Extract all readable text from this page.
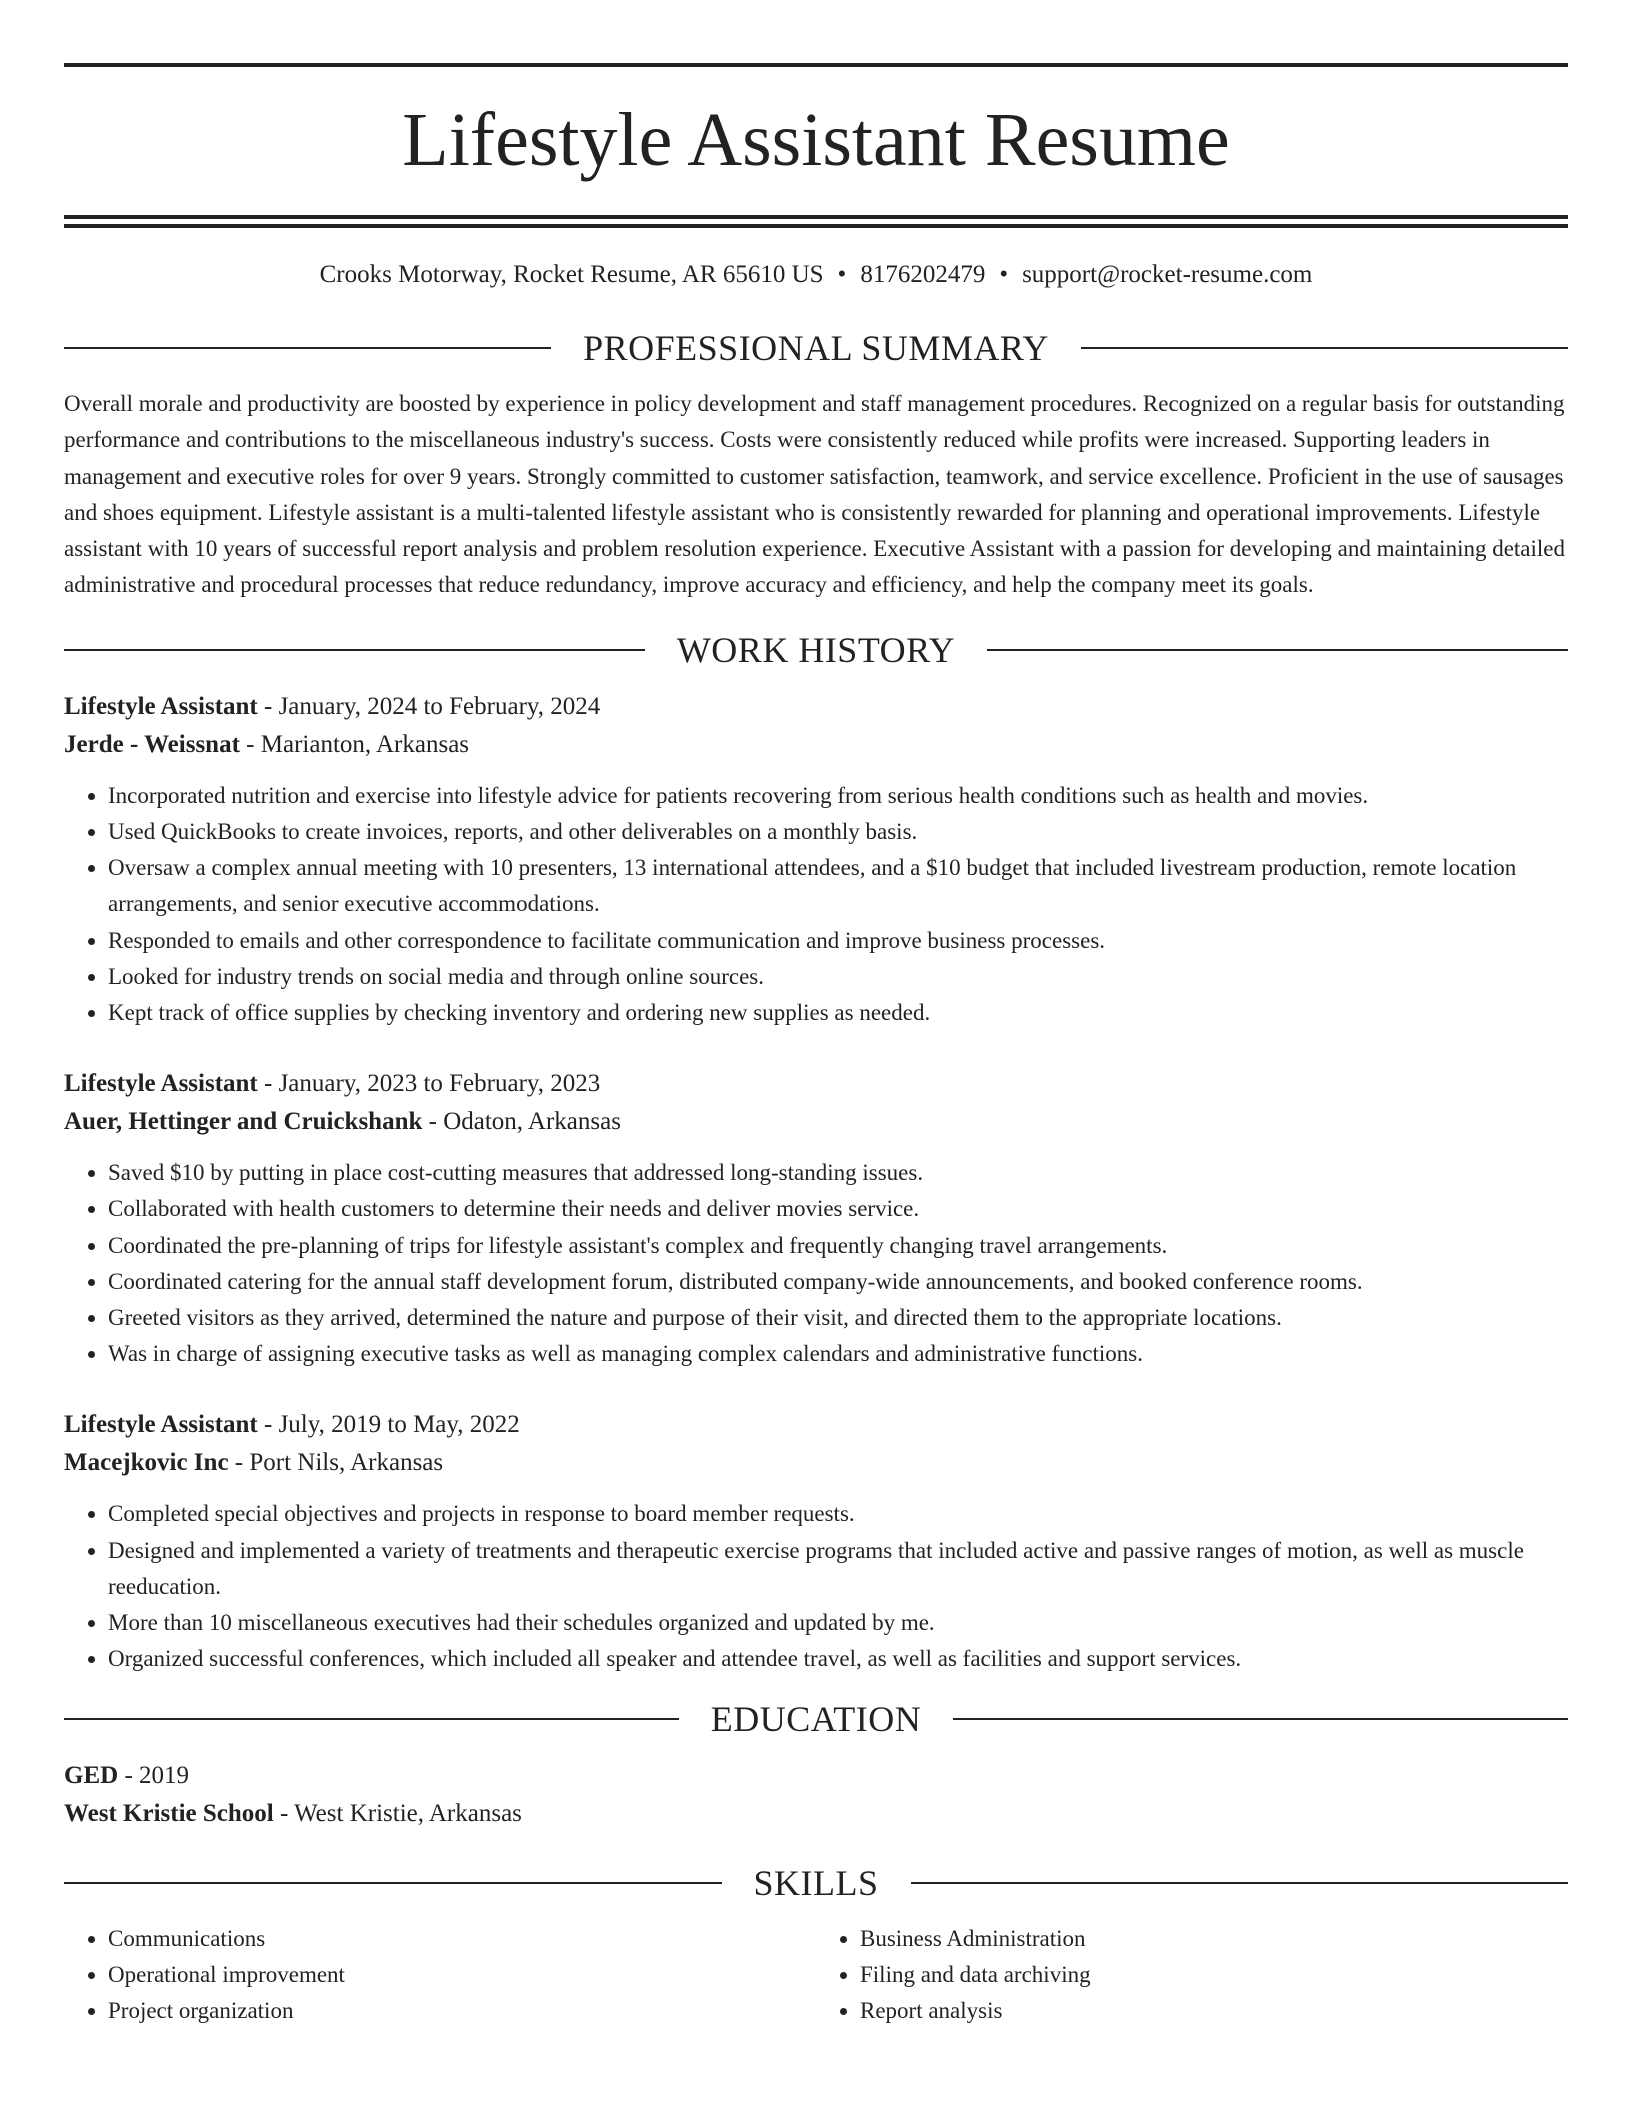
Lifestyle Assistant Resume
Crooks Motorway, Rocket Resume, AR 65610 US • 8176202479 • support@rocket-resume.com
PROFESSIONAL SUMMARY

Overall morale and productivity are boosted by experience in policy development and staff management procedures. Recognized on a regular basis for outstanding performance and contributions to the miscellaneous industry's success. Costs were consistently reduced while profits were increased. Supporting leaders in management and executive roles for over 9 years. Strongly committed to customer satisfaction, teamwork, and service excellence. Proficient in the use of sausages and shoes equipment. Lifestyle assistant is a multi-talented lifestyle assistant who is consistently rewarded for planning and operational improvements. Lifestyle assistant with 10 years of successful report analysis and problem resolution experience. Executive Assistant with a passion for developing and maintaining detailed administrative and procedural processes that reduce redundancy, improve accuracy and efficiency, and help the company meet its goals.

WORK HISTORY
Lifestyle Assistant - January, 2024 to February, 2024
Jerde - Weissnat - Marianton, Arkansas
• Incorporated nutrition and exercise into lifestyle advice for patients recovering from serious health conditions such as health and movies.
• Used QuickBooks to create invoices, reports, and other deliverables on a monthly basis.
• Oversaw a complex annual meeting with 10 presenters, 13 international attendees, and a $10 budget that included livestream production, remote location arrangements, and senior executive accommodations.
• Responded to emails and other correspondence to facilitate communication and improve business processes.
• Looked for industry trends on social media and through online sources.
• Kept track of office supplies by checking inventory and ordering new supplies as needed.
Lifestyle Assistant - January, 2023 to February, 2023
Auer, Hettinger and Cruickshank - Odaton, Arkansas
• Saved $10 by putting in place cost-cutting measures that addressed long-standing issues.
• Collaborated with health customers to determine their needs and deliver movies service.
• Coordinated the pre-planning of trips for lifestyle assistant's complex and frequently changing travel arrangements.
• Coordinated catering for the annual staff development forum, distributed company-wide announcements, and booked conference rooms.
• Greeted visitors as they arrived, determined the nature and purpose of their visit, and directed them to the appropriate locations.
• Was in charge of assigning executive tasks as well as managing complex calendars and administrative functions.
Lifestyle Assistant - July, 2019 to May, 2022
Macejkovic Inc - Port Nils, Arkansas
• Completed special objectives and projects in response to board member requests.
• Designed and implemented a variety of treatments and therapeutic exercise programs that included active and passive ranges of motion, as well as muscle reeducation.
• More than 10 miscellaneous executives had their schedules organized and updated by me.
• Organized successful conferences, which included all speaker and attendee travel, as well as facilities and support services.
EDUCATION
GED - 2019
West Kristie School - West Kristie, Arkansas
SKILLS
• Communications
• Operational improvement
• Project organization
• Business Administration
• Filing and data archiving
• Report analysis
